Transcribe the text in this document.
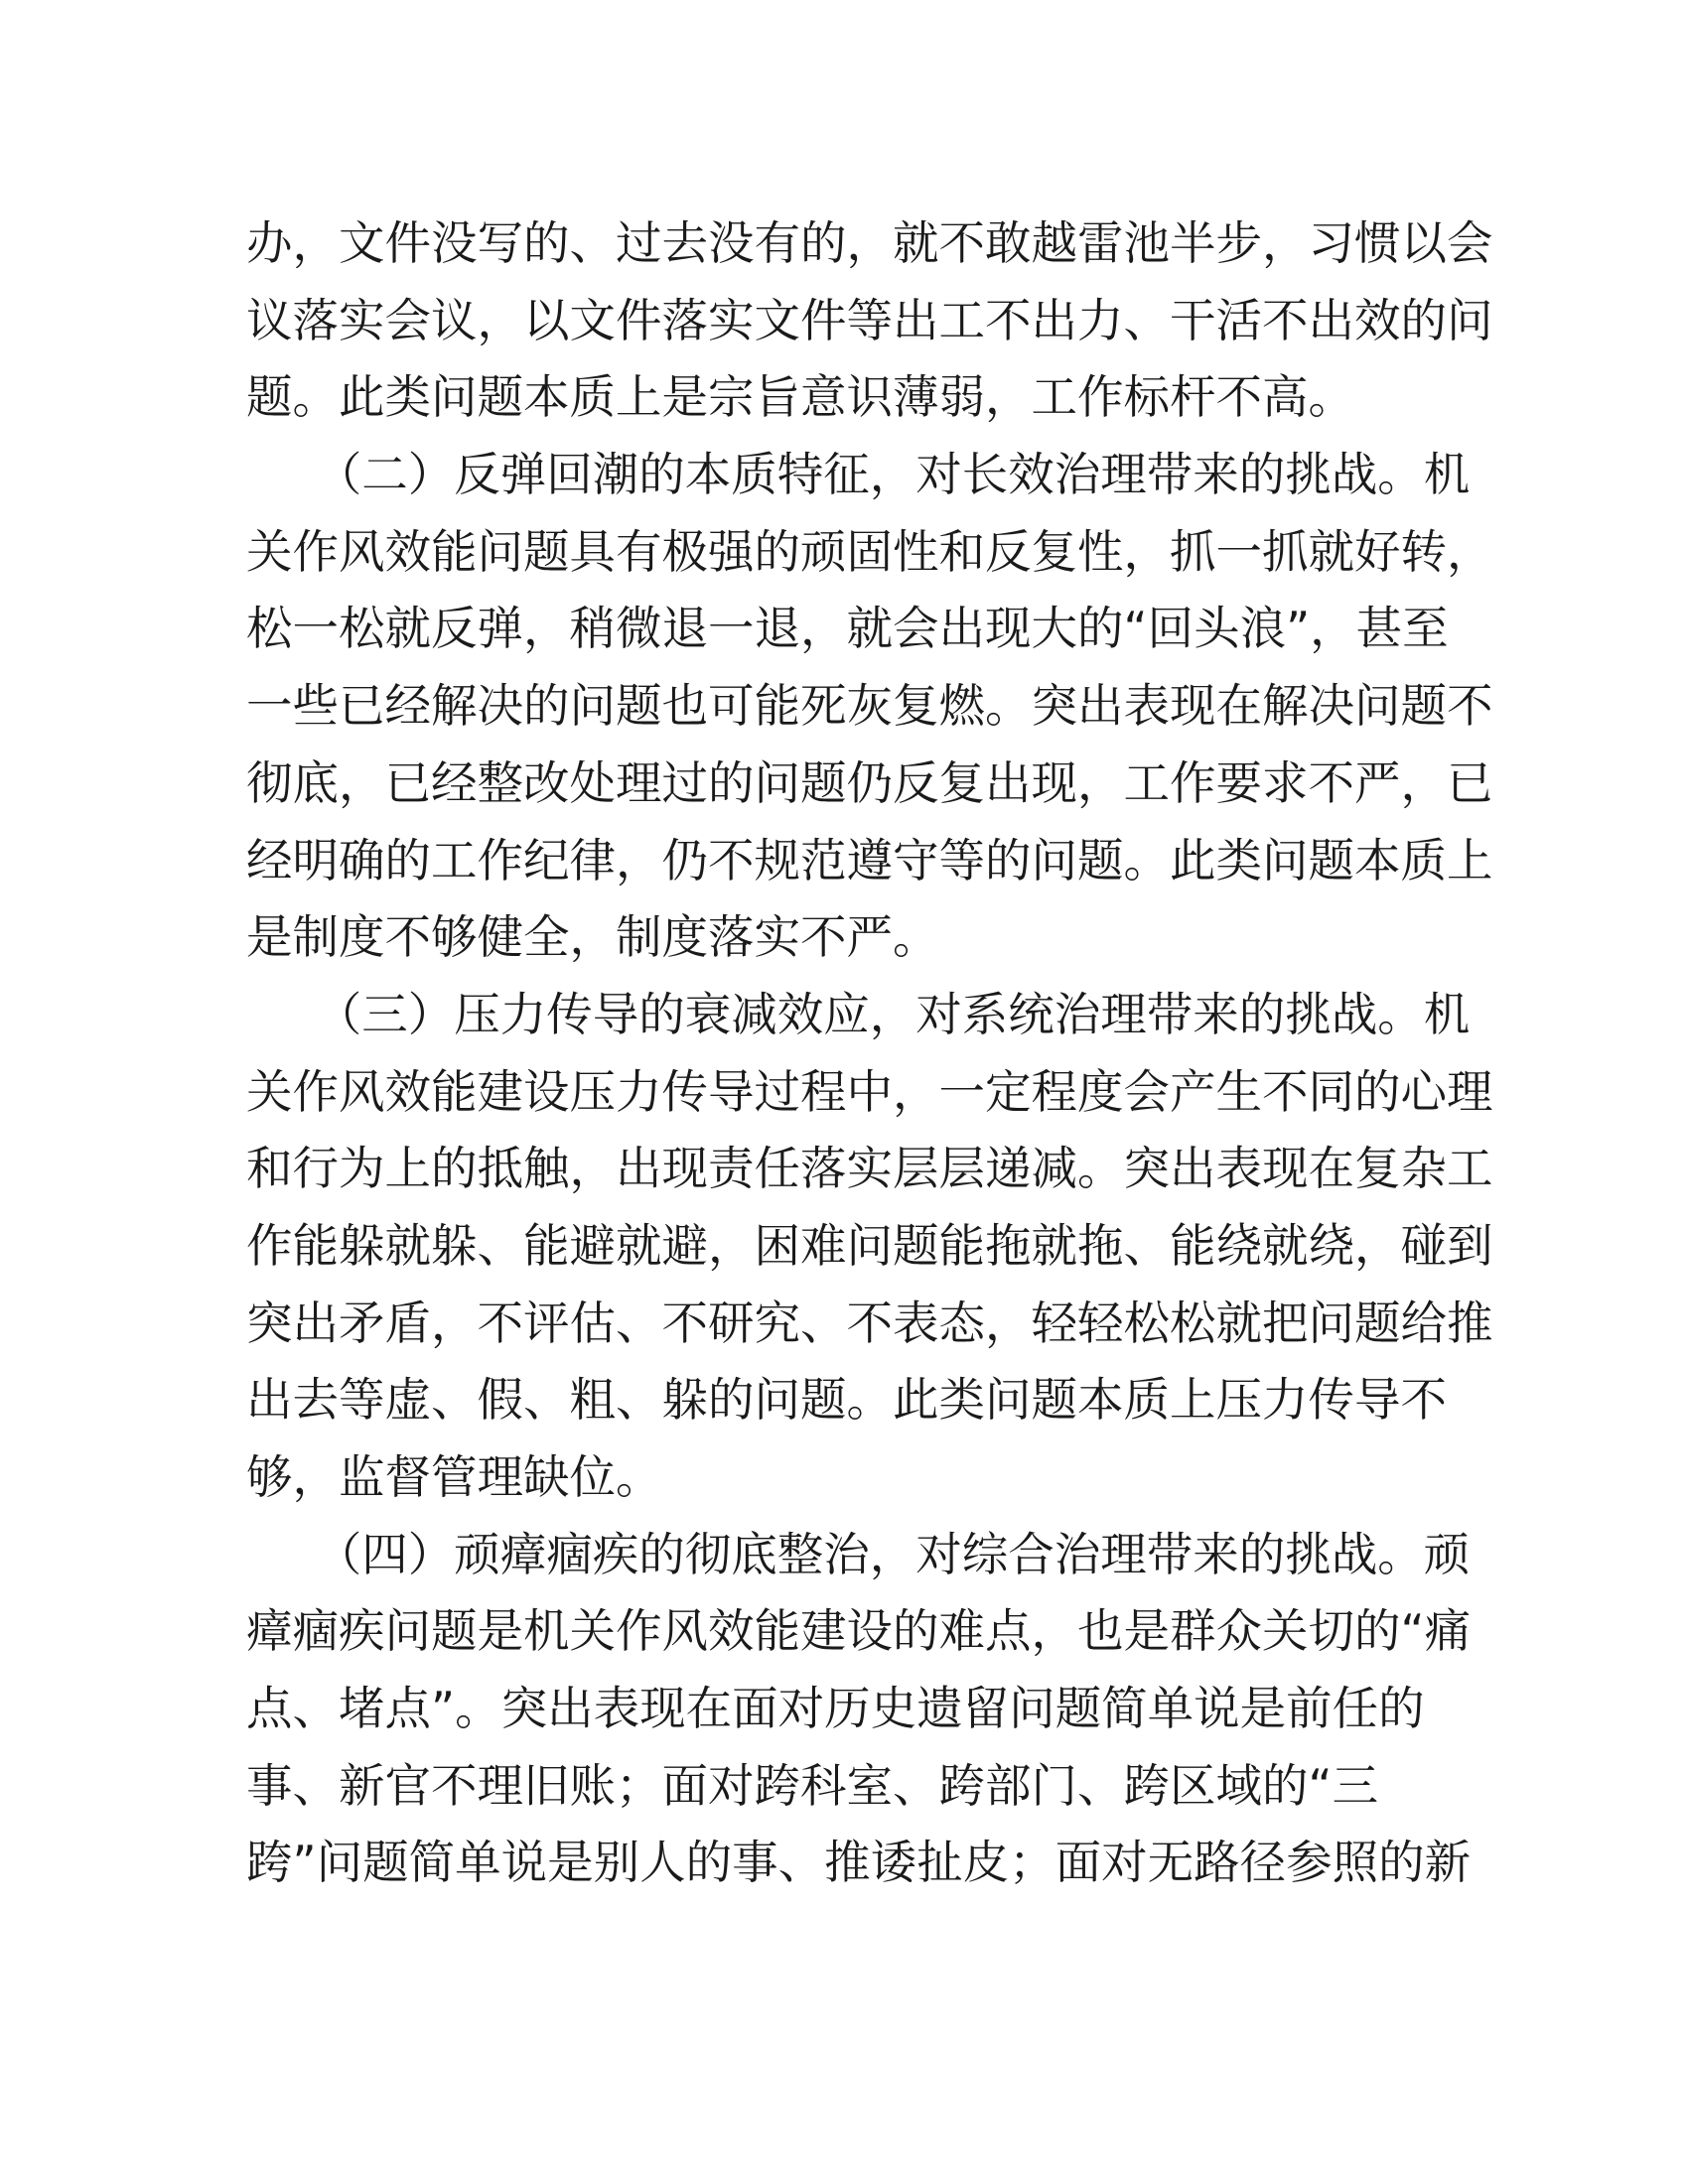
办，文件没写的、过去没有的，就不敢越雷池半步，习惯以会
议落实会议，以文件落实文件等出工不出力、干活不出效的问
题。此类问题本质上是宗旨意识薄弱，工作标杆不高。
　　（二）反弹回潮的本质特征，对长效治理带来的挑战。机
关作风效能问题具有极强的顽固性和反复性，抓一抓就好转，
松一松就反弹，稍微退一退，就会出现大的“回头浪”，甚至
一些已经解决的问题也可能死灰复燃。突出表现在解决问题不
彻底，已经整改处理过的问题仍反复出现，工作要求不严，已
经明确的工作纪律，仍不规范遵守等的问题。此类问题本质上
是制度不够健全，制度落实不严。
　　（三）压力传导的衰减效应，对系统治理带来的挑战。机
关作风效能建设压力传导过程中，一定程度会产生不同的心理
和行为上的抵触，出现责任落实层层递减。突出表现在复杂工
作能躲就躲、能避就避，困难问题能拖就拖、能绕就绕，碰到
突出矛盾，不评估、不研究、不表态，轻轻松松就把问题给推
出去等虚、假、粗、躲的问题。此类问题本质上压力传导不
够，监督管理缺位。
　　（四）顽瘴痼疾的彻底整治，对综合治理带来的挑战。顽
瘴痼疾问题是机关作风效能建设的难点，也是群众关切的“痛
点、堵点”。突出表现在面对历史遗留问题简单说是前任的
事、新官不理旧账；面对跨科室、跨部门、跨区域的“三
跨”问题简单说是别人的事、推诿扯皮；面对无路径参照的新
